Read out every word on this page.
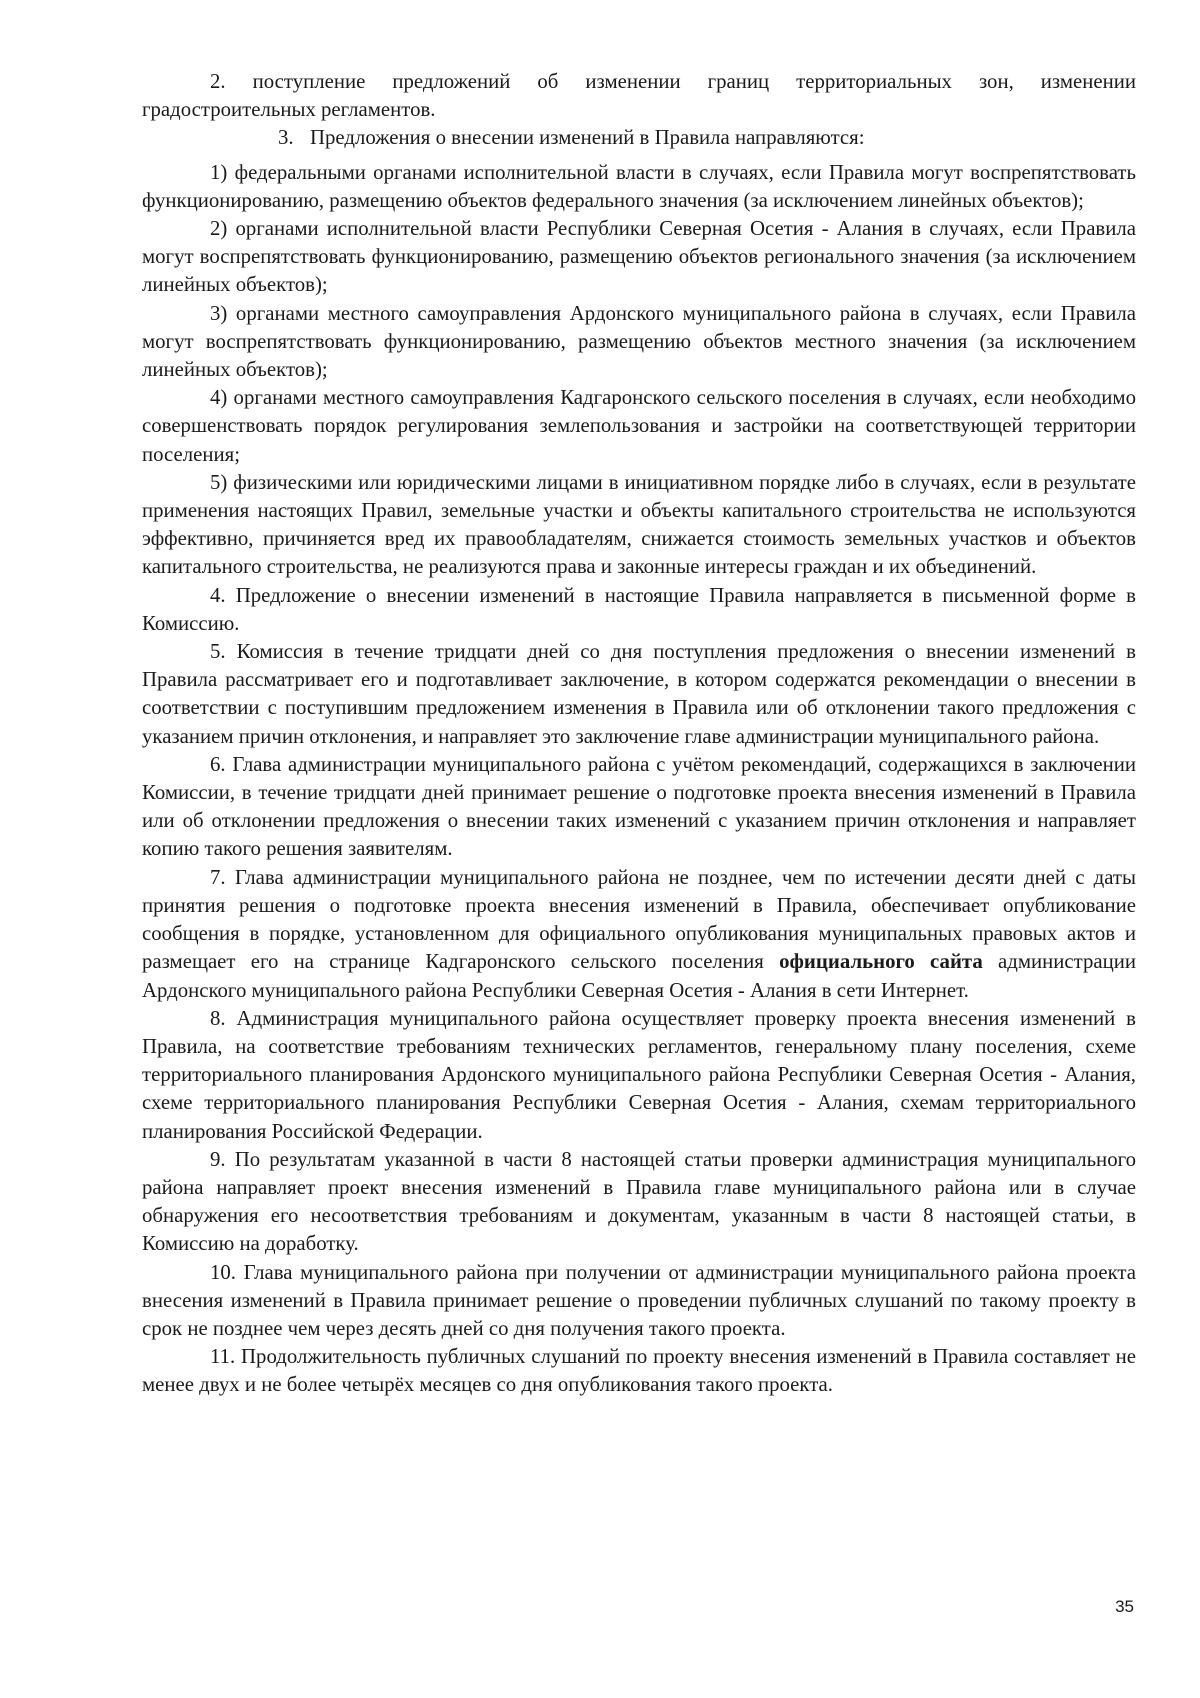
2. поступление предложений об изменении границ территориальных зон, изменении градостроительных регламентов.

3. Предложения о внесении изменений в Правила направляются:

1) федеральными органами исполнительной власти в случаях, если Правила могут воспрепятствовать функционированию, размещению объектов федерального значения (за исключением линейных объектов);

2) органами исполнительной власти Республики Северная Осетия - Алания в случаях, если Правила могут воспрепятствовать функционированию, размещению объектов регионального значения (за исключением линейных объектов);

3) органами местного самоуправления Ардонского муниципального района в случаях, если Правила могут воспрепятствовать функционированию, размещению объектов местного значения (за исключением линейных объектов);

4) органами местного самоуправления Кадгаронского сельского поселения в случаях, если необходимо совершенствовать порядок регулирования землепользования и застройки на соответствующей территории поселения;

5) физическими или юридическими лицами в инициативном порядке либо в случаях, если в результате применения настоящих Правил, земельные участки и объекты капитального строительства не используются эффективно, причиняется вред их правообладателям, снижается стоимость земельных участков и объектов капитального строительства, не реализуются права и законные интересы граждан и их объединений.

4. Предложение о внесении изменений в настоящие Правила направляется в письменной форме в Комиссию.

5. Комиссия в течение тридцати дней со дня поступления предложения о внесении изменений в Правила рассматривает его и подготавливает заключение, в котором содержатся рекомендации о внесении в соответствии с поступившим предложением изменения в Правила или об отклонении такого предложения с указанием причин отклонения, и направляет это заключение главе администрации муниципального района.

6. Глава администрации муниципального района с учётом рекомендаций, содержащихся в заключении Комиссии, в течение тридцати дней принимает решение о подготовке проекта внесения изменений в Правила или об отклонении предложения о внесении таких изменений с указанием причин отклонения и направляет копию такого решения заявителям.

7. Глава администрации муниципального района не позднее, чем по истечении десяти дней с даты принятия решения о подготовке проекта внесения изменений в Правила, обеспечивает опубликование сообщения в порядке, установленном для официального опубликования муниципальных правовых актов и размещает его на странице Кадгаронского сельского поселения официального сайта администрации Ардонского муниципального района Республики Северная Осетия - Алания в сети Интернет.

8. Администрация муниципального района осуществляет проверку проекта внесения изменений в Правила, на соответствие требованиям технических регламентов, генеральному плану поселения, схеме территориального планирования Ардонского муниципального района Республики Северная Осетия - Алания, схеме территориального планирования Республики Северная Осетия - Алания, схемам территориального планирования Российской Федерации.

9. По результатам указанной в части 8 настоящей статьи проверки администрация муниципального района направляет проект внесения изменений в Правила главе муниципального района или в случае обнаружения его несоответствия требованиям и документам, указанным в части 8 настоящей статьи, в Комиссию на доработку.

10. Глава муниципального района при получении от администрации муниципального района проекта внесения изменений в Правила принимает решение о проведении публичных слушаний по такому проекту в срок не позднее чем через десять дней со дня получения такого проекта.

11. Продолжительность публичных слушаний по проекту внесения изменений в Правила составляет не менее двух и не более четырёх месяцев со дня опубликования такого проекта.

35
